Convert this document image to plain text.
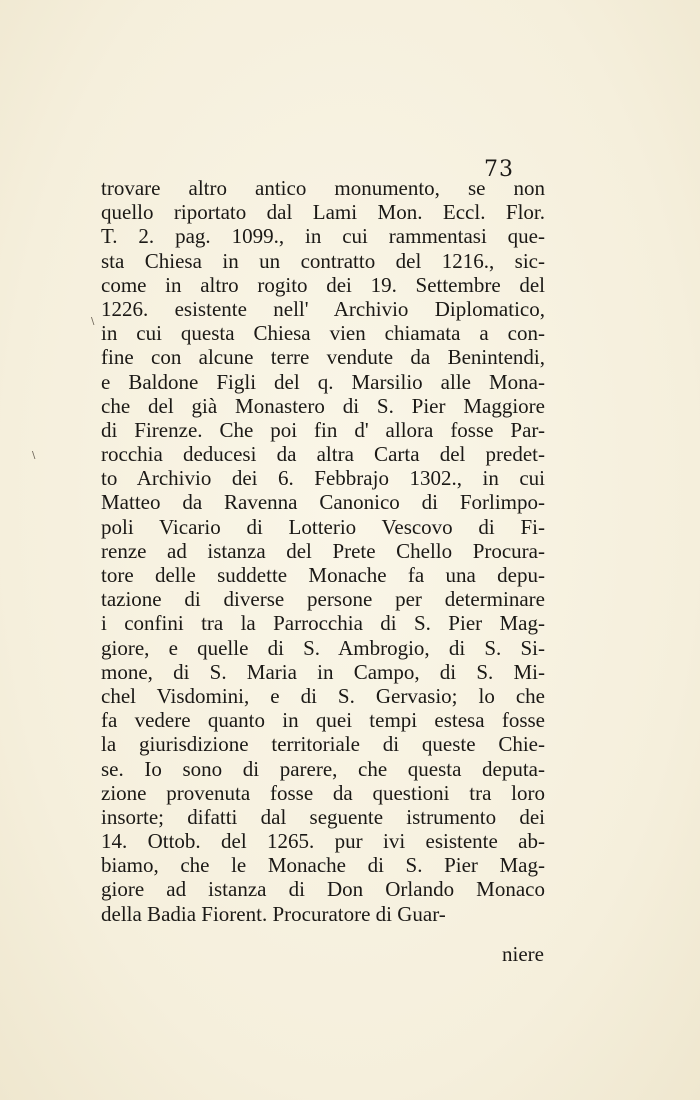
73
trovare altro antico monumento, se non
quello riportato dal Lami Mon. Eccl. Flor.
T. 2. pag. 1099., in cui rammentasi que-
sta Chiesa in un contratto del 1216., sic-
come in altro rogito dei 19. Settembre del
1226. esistente nell' Archivio Diplomatico,
in cui questa Chiesa vien chiamata a con-
fine con alcune terre vendute da Benintendi,
e Baldone Figli del q. Marsilio alle Mona-
che del già Monastero di S. Pier Maggiore
di Firenze. Che poi fin d' allora fosse Par-
rocchia deducesi da altra Carta del predet-
to Archivio dei 6. Febbrajo 1302., in cui
Matteo da Ravenna Canonico di Forlimpo-
poli Vicario di Lotterio Vescovo di Fi-
renze ad istanza del Prete Chello Procura-
tore delle suddette Monache fa una depu-
tazione di diverse persone per determinare
i confini tra la Parrocchia di S. Pier Mag-
giore, e quelle di S. Ambrogio, di S. Si-
mone, di S. Maria in Campo, di S. Mi-
chel Visdomini, e di S. Gervasio; lo che
fa vedere quanto in quei tempi estesa fosse
la giurisdizione territoriale di queste Chie-
se. Io sono di parere, che questa deputa-
zione provenuta fosse da questioni tra loro
insorte; difatti dal seguente istrumento dei
14. Ottob. del 1265. pur ivi esistente ab-
biamo, che le Monache di S. Pier Mag-
giore ad istanza di Don Orlando Monaco
della Badia Fiorent. Procuratore di Guar-
niere
\
\
